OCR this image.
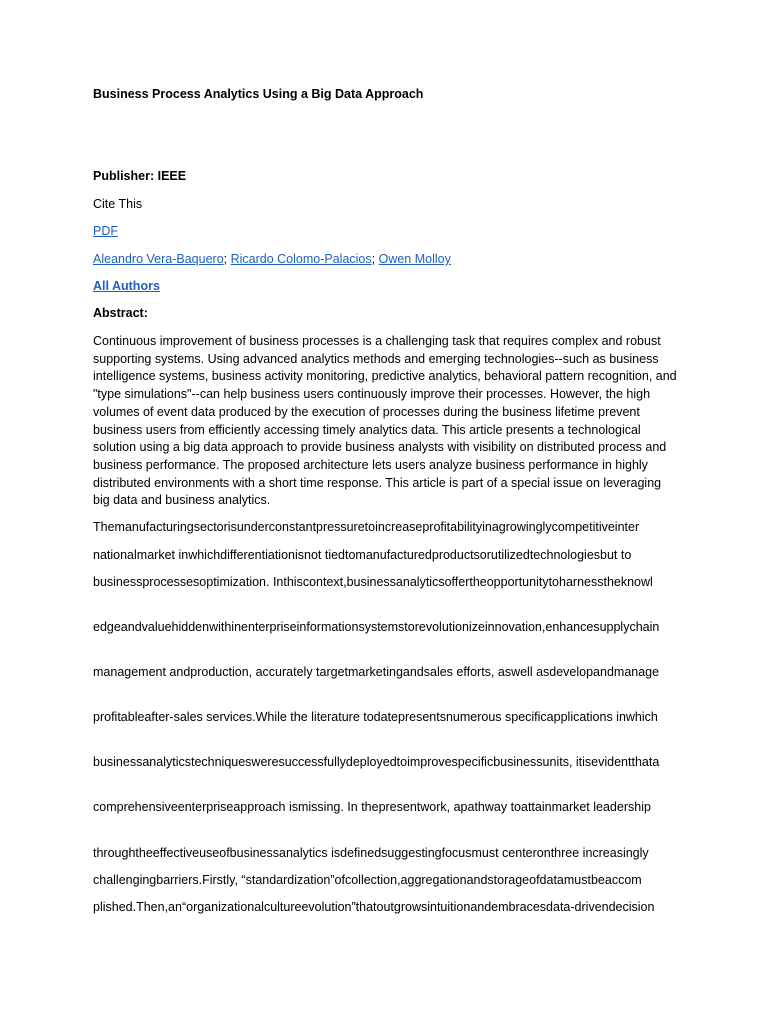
Business Process Analytics Using a Big Data Approach
Publisher: IEEE
Cite This
PDF
Aleandro Vera-Baquero; Ricardo Colomo-Palacios; Owen Molloy
All Authors
Abstract:
Continuous improvement of business processes is a challenging task that requires complex and robust supporting systems. Using advanced analytics methods and emerging technologies--such as business intelligence systems, business activity monitoring, predictive analytics, behavioral pattern recognition, and "type simulations"--can help business users continuously improve their processes. However, the high volumes of event data produced by the execution of processes during the business lifetime prevent business users from efficiently accessing timely analytics data. This article presents a technological solution using a big data approach to provide business analysts with visibility on distributed process and business performance. The proposed architecture lets users analyze business performance in highly distributed environments with a short time response. This article is part of a special issue on leveraging big data and business analytics.
Themanufacturingsectorisunderconstantpressuretoincreaseprofitabilityinagrowinglycompetitiveinter
nationalmarket inwhichdifferentiationisnot tiedtomanufacturedproductsorutilizedtechnologiesbut to
businessprocessesoptimization. Inthiscontext,businessanalyticsoffertheopportunitytoharnesstheknowl
edgeandvaluehiddenwithinenterpriseinformationsystemstorevolutionizeinnovation,enhancesupplychain
management andproduction, accurately targetmarketingandsales efforts, aswell asdevelopandmanage
profitableafter-sales services.While the literature todatepresentsnumerous specificapplications inwhich
businessanalyticstechniquesweresuccessfullydeployedtoimprovespecificbusinessunits, itisevidentthata
comprehensiveenterpriseapproach ismissing. In thepresentwork, apathway toattainmarket leadership
throughtheeffectiveuseofbusinessanalytics isdefinedsuggestingfocusmust centeronthree increasingly
challengingbarriers.Firstly, “standardization”ofcollection,aggregationandstorageofdatamustbeaccom
plished.Then,an“organizationalcultureevolution”thatoutgrowsintuitionandembracesdata-drivendecision
